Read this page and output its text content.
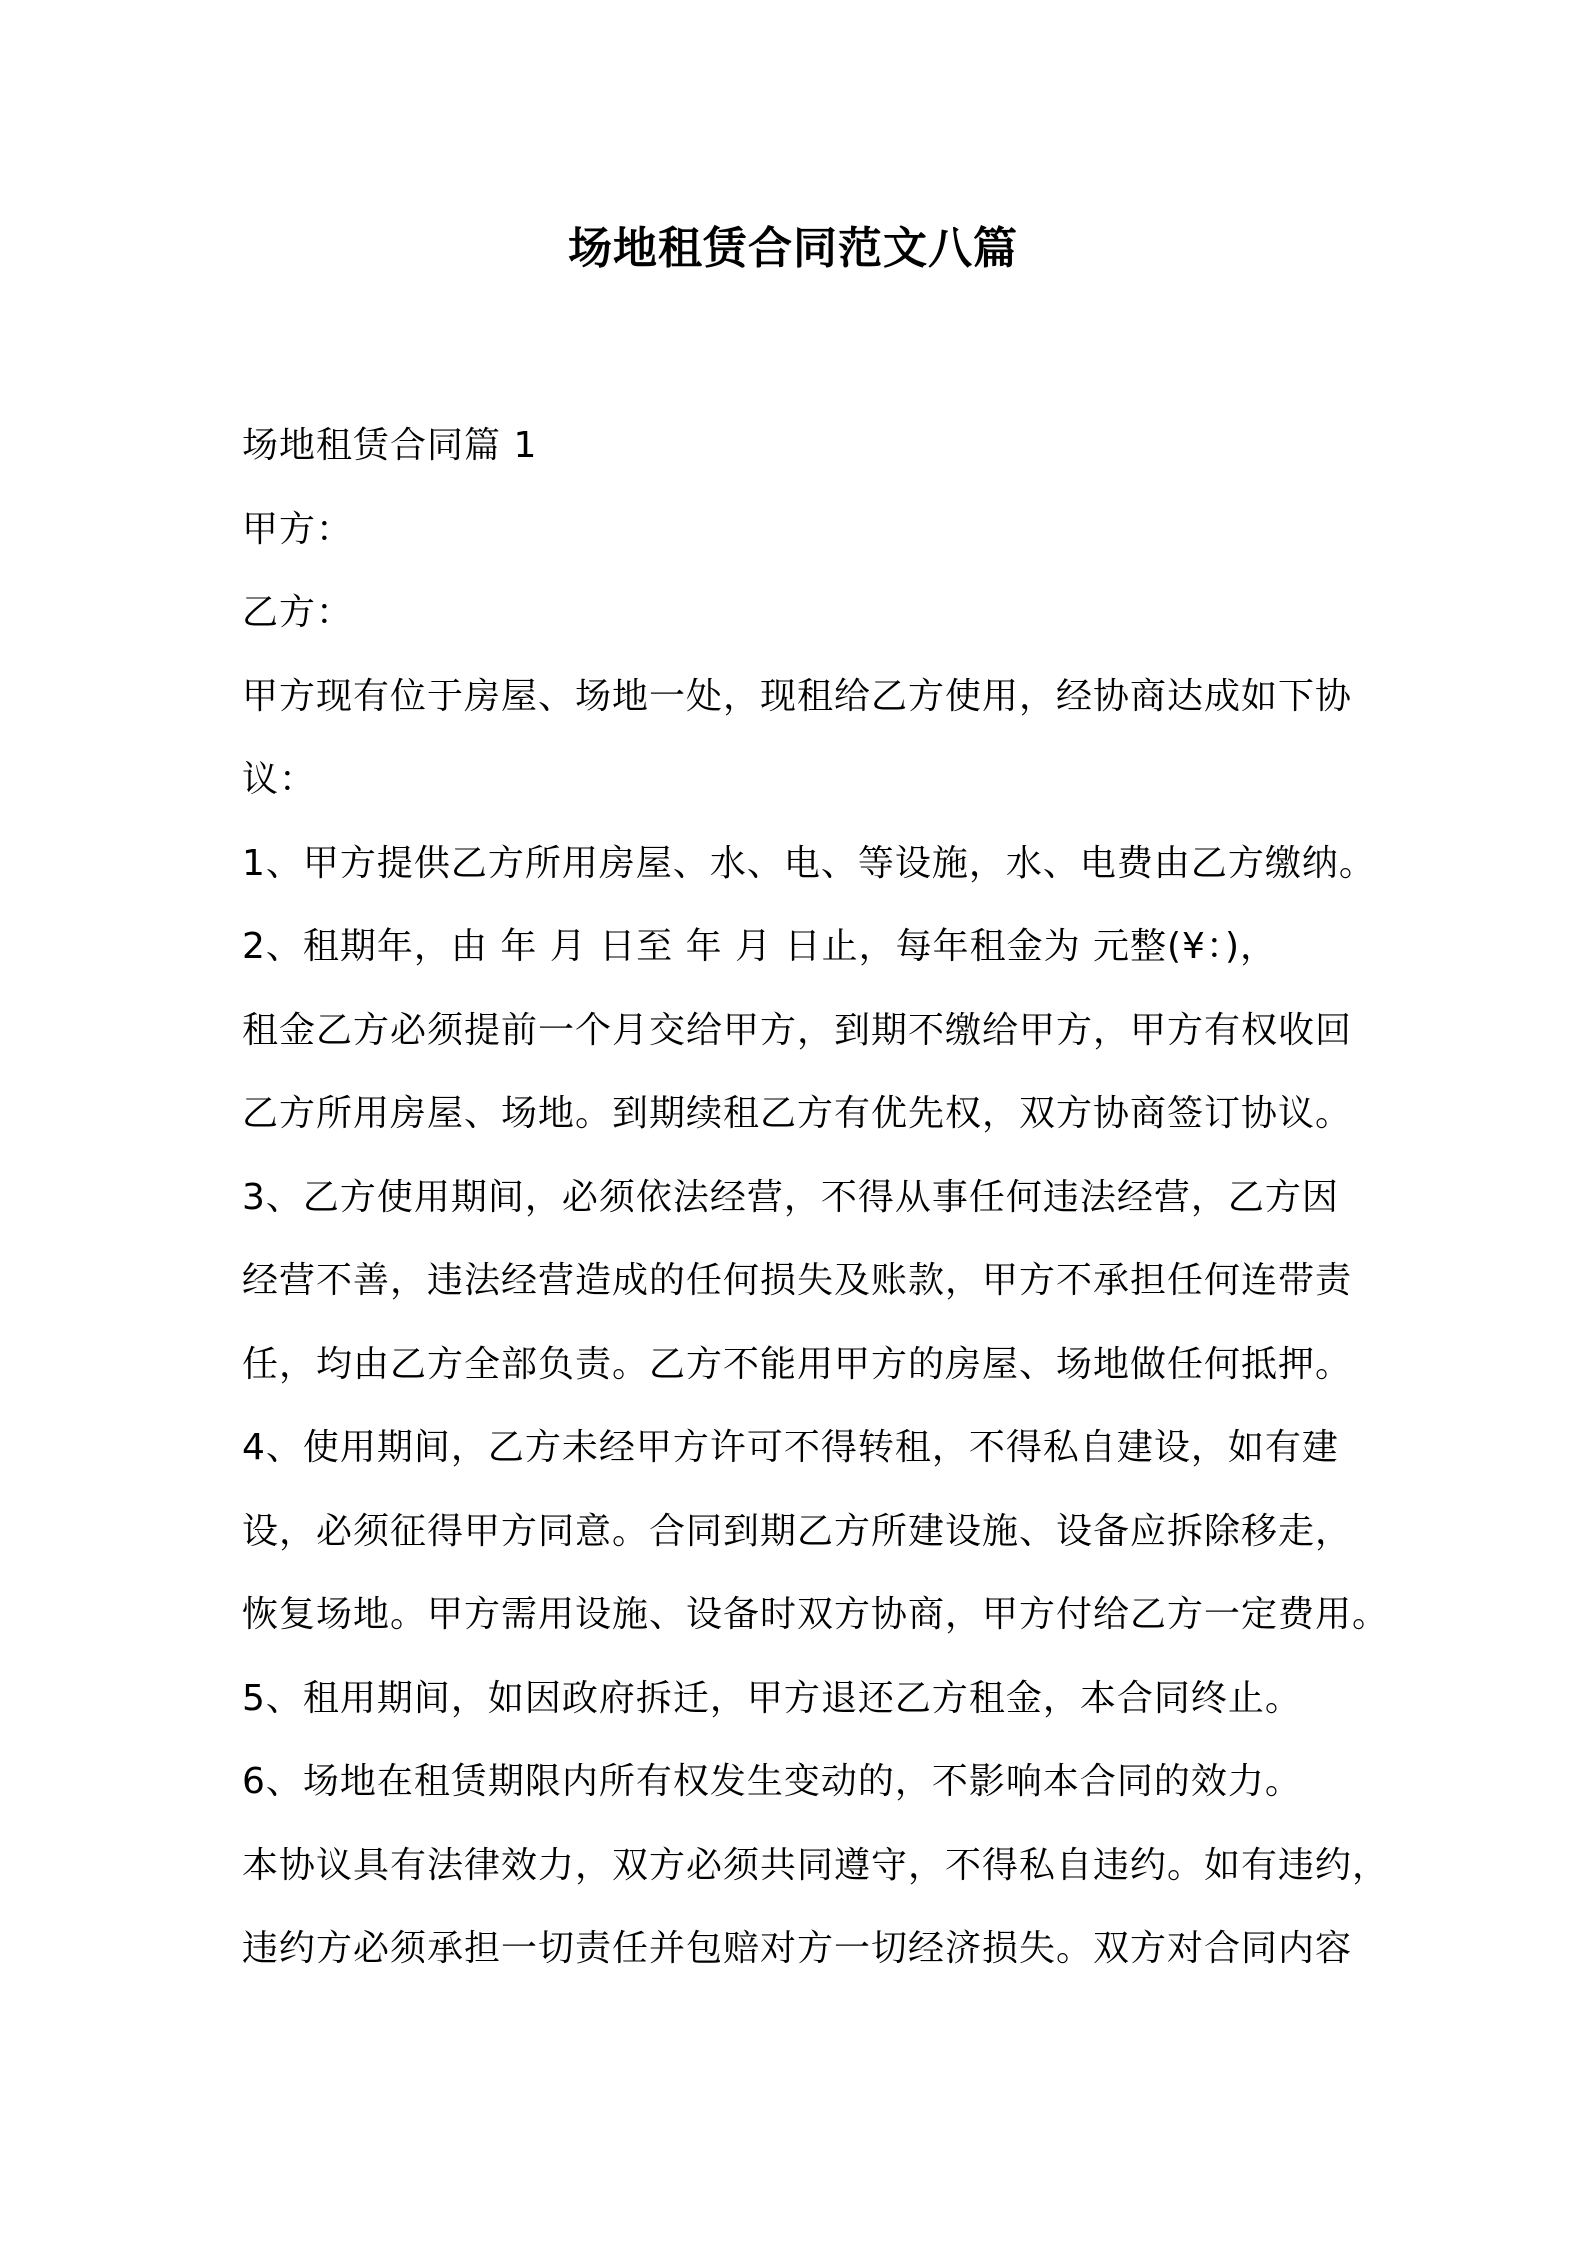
场地租赁合同范文八篇
场地租赁合同篇 1
甲方：
乙方：
甲方现有位于房屋、场地一处，现租给乙方使用，经协商达成如下协
议：
1、甲方提供乙方所用房屋、水、电、等设施，水、电费由乙方缴纳。
2、租期年，由 年 月 日至 年 月 日止，每年租金为 元整(¥：)，
租金乙方必须提前一个月交给甲方，到期不缴给甲方，甲方有权收回
乙方所用房屋、场地。到期续租乙方有优先权，双方协商签订协议。
3、乙方使用期间，必须依法经营，不得从事任何违法经营，乙方因
经营不善，违法经营造成的任何损失及账款，甲方不承担任何连带责
任，均由乙方全部负责。乙方不能用甲方的房屋、场地做任何抵押。
4、使用期间，乙方未经甲方许可不得转租，不得私自建设，如有建
设，必须征得甲方同意。合同到期乙方所建设施、设备应拆除移走，
恢复场地。甲方需用设施、设备时双方协商，甲方付给乙方一定费用。
5、租用期间，如因政府拆迁，甲方退还乙方租金，本合同终止。
6、场地在租赁期限内所有权发生变动的，不影响本合同的效力。
本协议具有法律效力，双方必须共同遵守，不得私自违约。如有违约，
违约方必须承担一切责任并包赔对方一切经济损失。双方对合同内容
